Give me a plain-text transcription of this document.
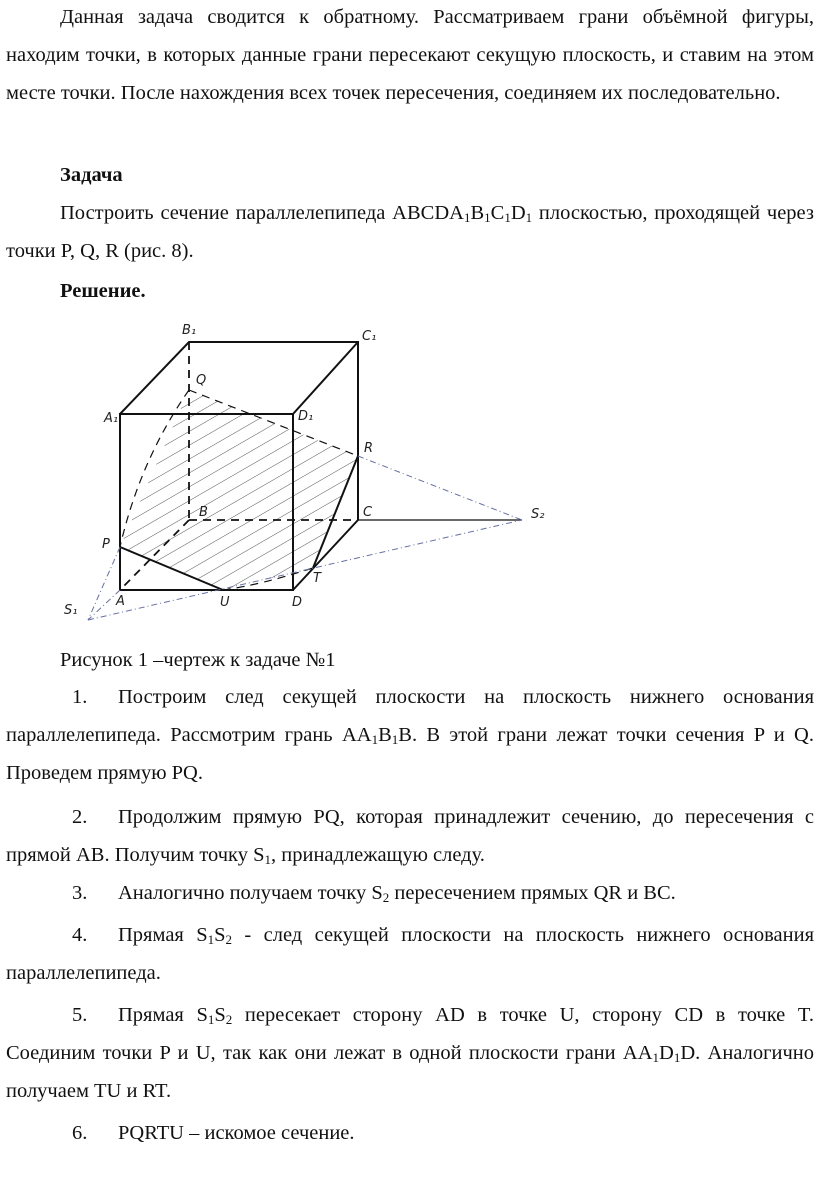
Данная задача сводится к обратному. Рассматриваем грани объёмной фигуры, находим точки, в которых данные грани пересекают секущую плоскость, и ставим на этом месте точки. После нахождения всех точек пересечения, соединяем их последовательно.
Задача
Построить сечение параллелепипеда $ABCDA_1B_1C_1D_1$ плоскостью, проходящей через точки P, Q, R (рис. 8).
Решение.
B₁	C₁
A₁	D₁
Q
R
B	C	S₂
P
T
S₁
A	U	D
Рисунок 1 –чертеж к задаче №1
1. Построим след секущей плоскости на плоскость нижнего основания параллелепипеда. Рассмотрим грань $AA_1B_1B$. В этой грани лежат точки сечения P и Q. Проведем прямую PQ.
2. Продолжим прямую PQ, которая принадлежит сечению, до пересечения с прямой AB. Получим точку $S_1$, принадлежащую следу.
3. Аналогично получаем точку $S_2$ пересечением прямых QR и BC.
4. Прямая $S_1S_2$ - след секущей плоскости на плоскость нижнего основания параллелепипеда.
5. Прямая $S_1S_2$ пересекает сторону AD в точке U, сторону CD в точке T. Соединим точки P и U, так как они лежат в одной плоскости грани $AA_1D_1D$. Аналогично получаем TU и RT.
6. PQRTU – искомое сечение.
